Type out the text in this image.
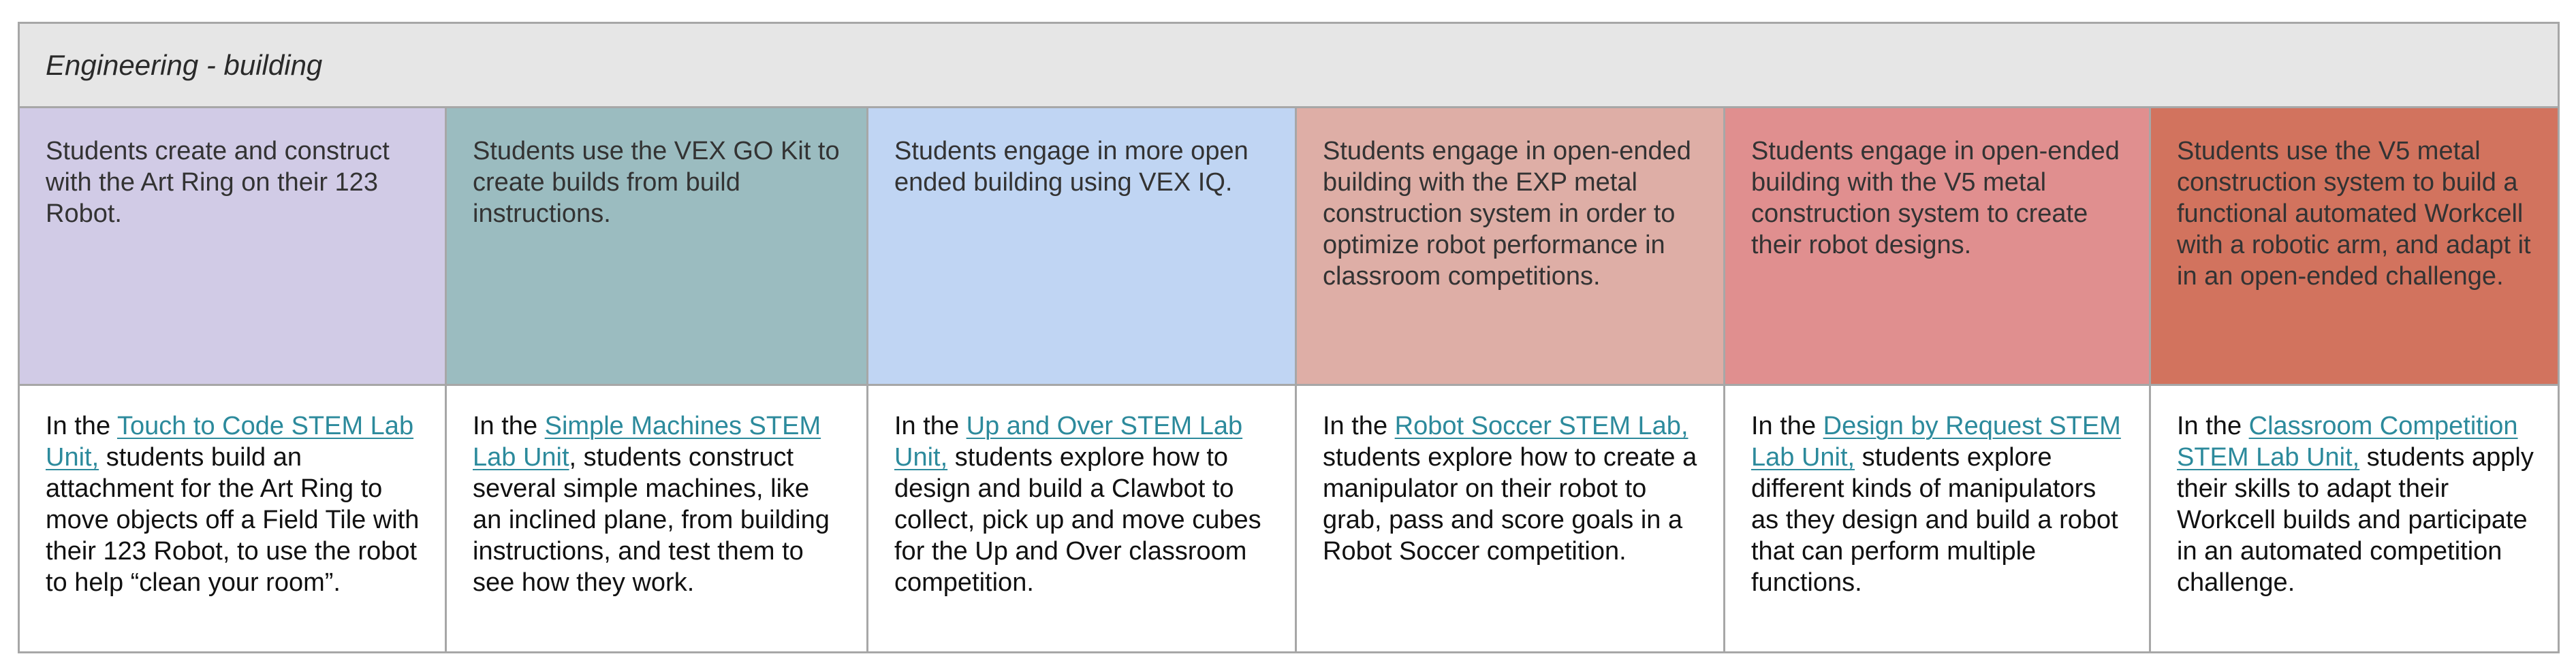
Engineering - building
Students create and construct with the Art Ring on their 123 Robot.
Students use the VEX GO Kit to create builds from build instructions.
Students engage in more open ended building using VEX IQ.
Students engage in open-ended building with the EXP metal construction system in order to optimize robot performance in classroom competitions.
Students engage in open-ended building with the V5 metal construction system to create their robot designs.
Students use the V5 metal construction system to build a functional automated Workcell with a robotic arm, and adapt it in an open-ended challenge.
In the Touch to Code STEM Lab Unit, students build an attachment for the Art Ring to move objects off a Field Tile with their 123 Robot, to use the robot to help “clean your room”.
In the Simple Machines STEM Lab Unit, students construct several simple machines, like an inclined plane, from building instructions, and test them to see how they work.
In the Up and Over STEM Lab Unit, students explore how to design and build a Clawbot to collect, pick up and move cubes for the Up and Over classroom competition.
In the Robot Soccer STEM Lab, students explore how to create a manipulator on their robot to grab, pass and score goals in a Robot Soccer competition.
In the Design by Request STEM Lab Unit, students explore different kinds of manipulators as they design and build a robot that can perform multiple functions.
In the Classroom Competition STEM Lab Unit, students apply their skills to adapt their Workcell builds and participate in an automated competition challenge.
